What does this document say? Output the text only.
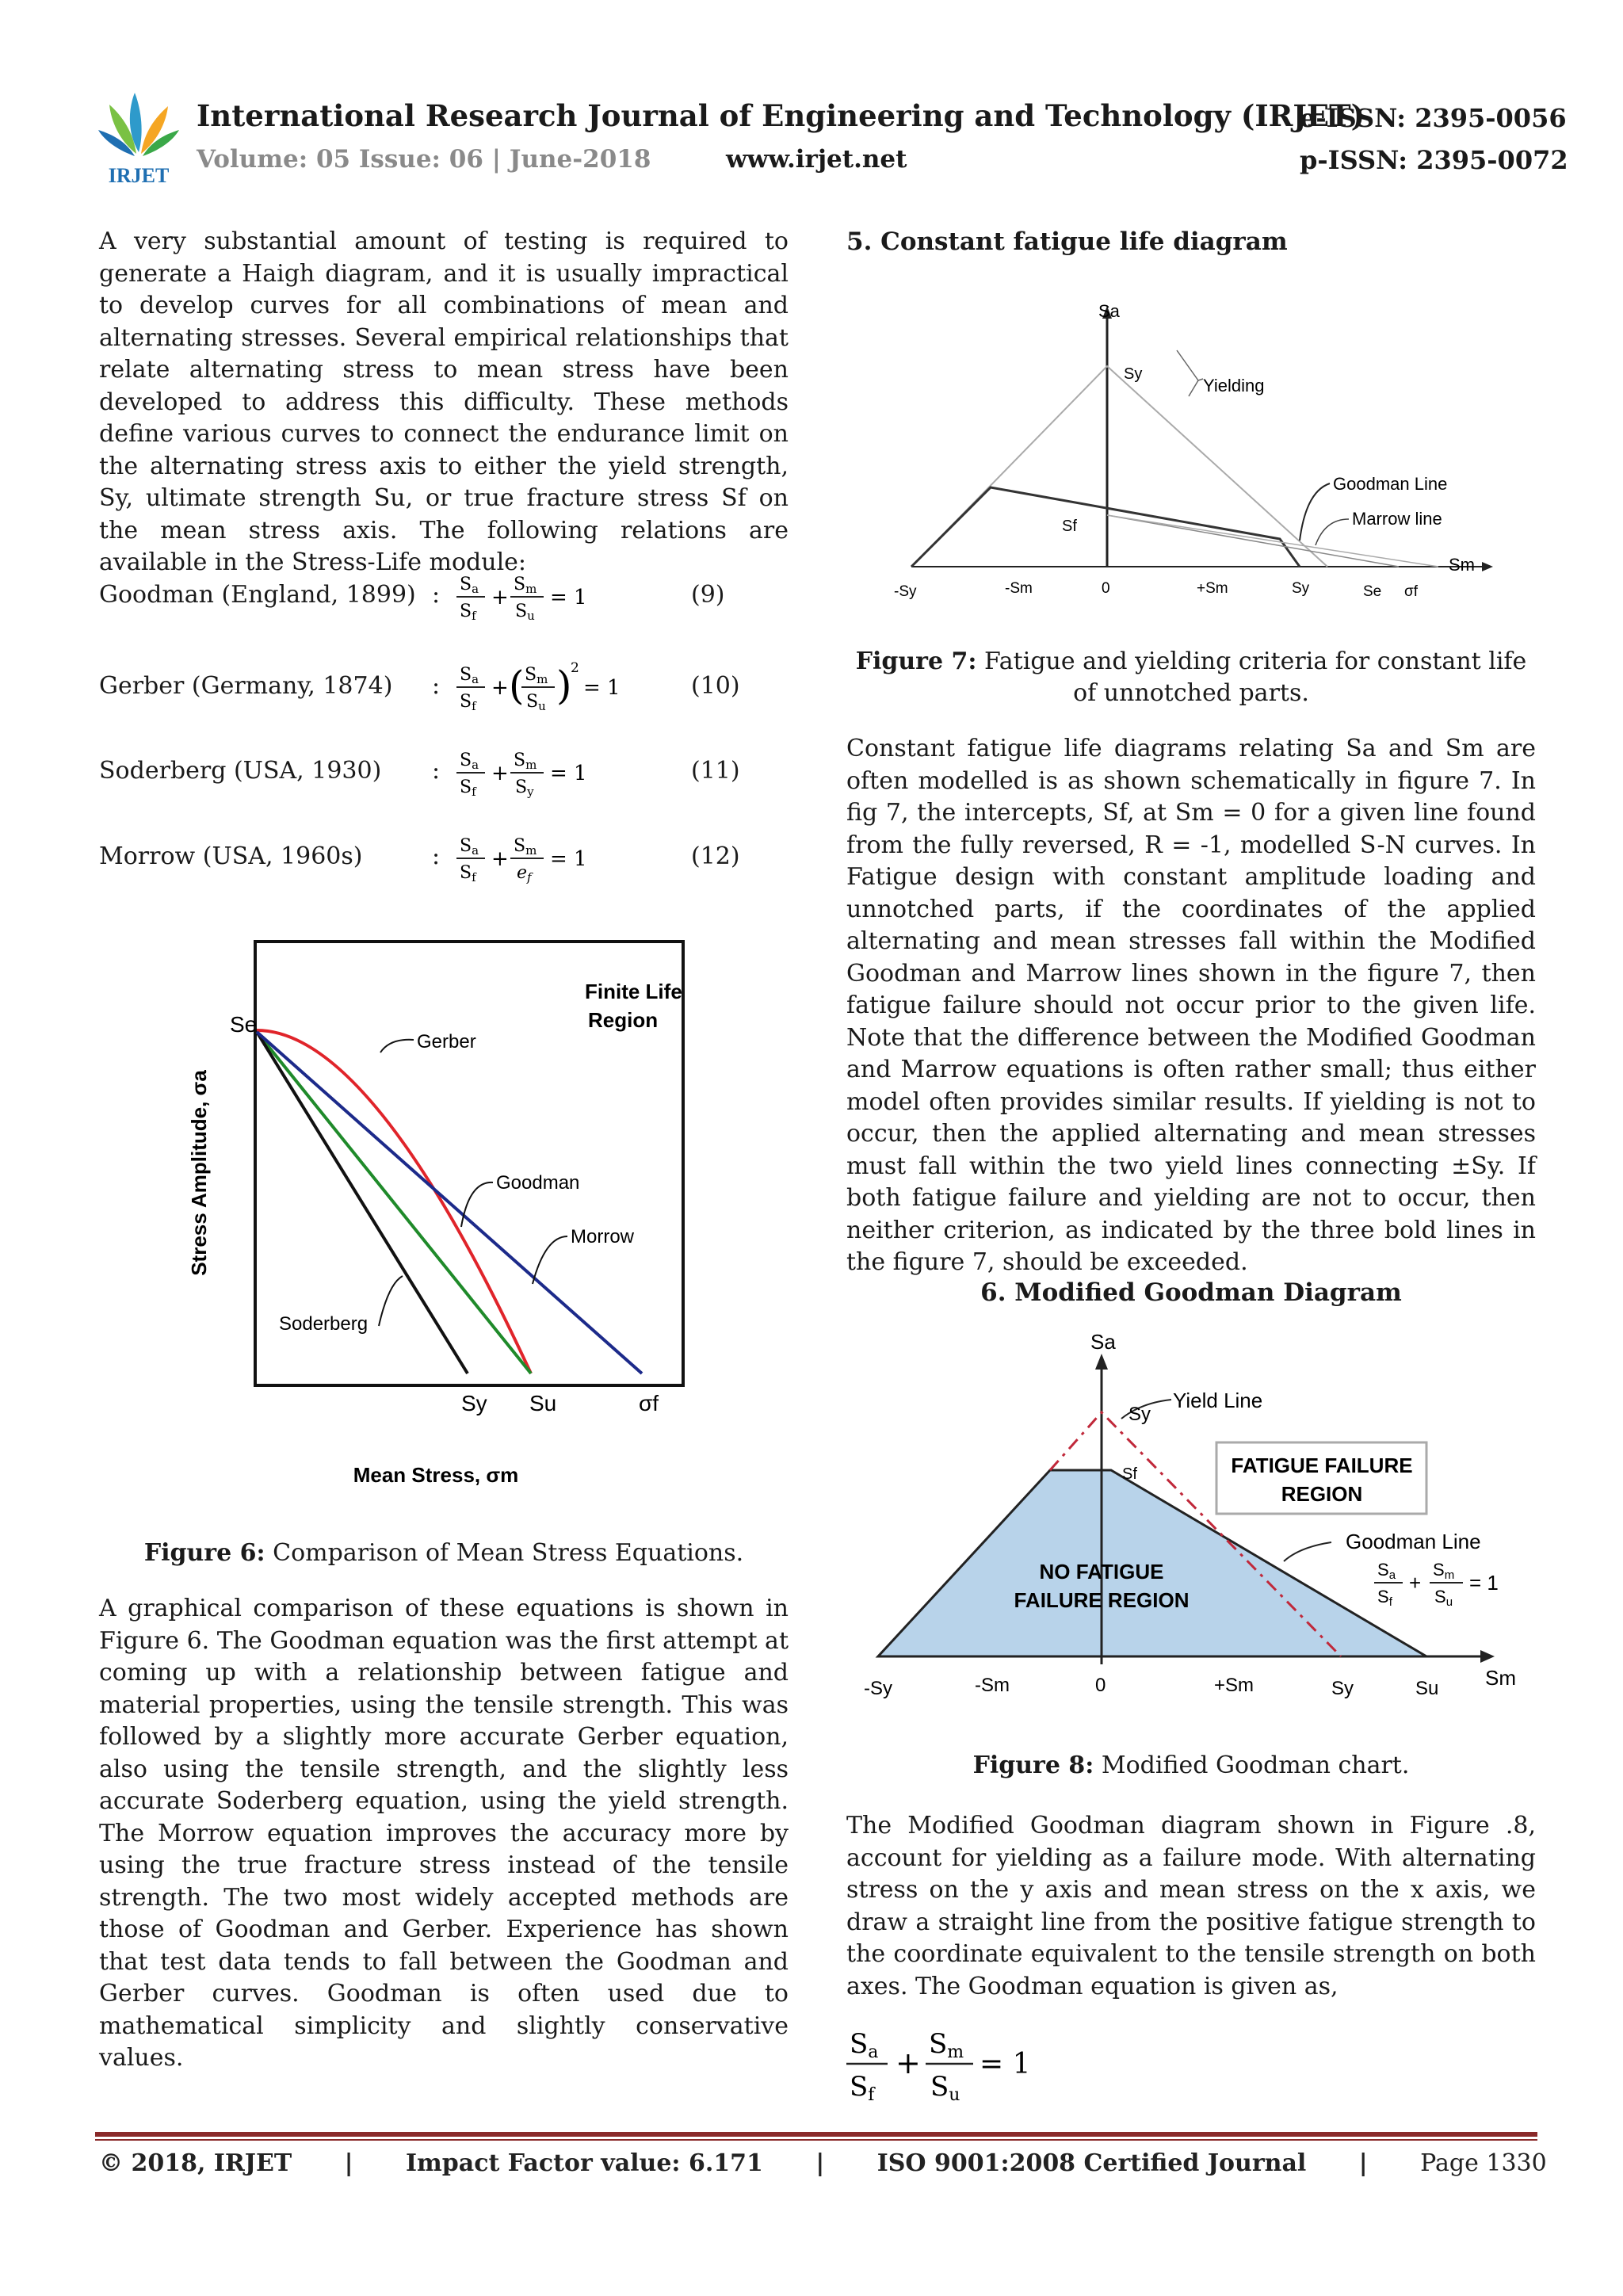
IRJET
International Research Journal of Engineering and Technology (IRJET)
Volume: 05 Issue: 06 | June-2018	www.irjet.net
e-ISSN: 2395-0056
p-ISSN: 2395-0072
A very substantial amount of testing is required to generate a Haigh diagram, and it is usually impractical to develop curves for all combinations of mean and alternating stresses. Several empirical relationships that relate alternating stress to mean stress have been developed to address this difficulty. These methods define various curves to connect the endurance limit on the alternating stress axis to either the yield strength, Sy, ultimate strength Su, or true fracture stress Sf on the mean stress axis. The following relations are available in the Stress-Life module:
Goodman (England, 1899) : Sa
Sf
+
Sm
Su
= 1	(9)
Gerber (Germany, 1874) : Sa
Sf
+ ( Sm
Su )
2
= 1	(10)
Soderberg (USA, 1930) : Sa
Sf
+
Sm
Sy
= 1	(11)
Morrow (USA, 1960s)	: Sa
Sf
+
Sm
ef
= 1	(12)
Gerber
Goodman
Morrow
Soderberg
Finite Life
Region
Se
Sy Su	σf
Mean Stress, σm
Stress Amplitude, σa
Figure 6: Comparison of Mean Stress Equations.
A graphical comparison of these equations is shown in Figure 6. The Goodman equation was the first attempt at coming up with a relationship between fatigue and material properties, using the tensile strength. This was followed by a slightly more accurate Gerber equation, also using the tensile strength, and the slightly less accurate Soderberg equation, using the yield strength. The Morrow equation improves the accuracy more by using the true fracture stress instead of the tensile strength. The two most widely accepted methods are those of Goodman and Gerber. Experience has shown that test data tends to fall between the Goodman and Gerber curves. Goodman is often used due to mathematical simplicity and slightly conservative values.
5. Constant fatigue life diagram
Yielding
Goodman Line
Marrow line
Sa
Sy
Sf
Sm
-Sy	-Sm	0	+Sm	Sy	Se σf
Figure 7: Fatigue and yielding criteria for constant life of unnotched parts.
Constant fatigue life diagrams relating Sa and Sm are often modelled is as shown schematically in figure 7. In fig 7, the intercepts, Sf, at Sm = 0 for a given line found from the fully reversed, R = -1, modelled S-N curves. In Fatigue design with constant amplitude loading and unnotched parts, if the coordinates of the applied alternating and mean stresses fall within the Modified Goodman and Marrow lines shown in the figure 7, then fatigue failure should not occur prior to the given life. Note that the difference between the Modified Goodman and Marrow equations is often rather small; thus either model often provides similar results. If yielding is not to occur, then the applied alternating and mean stresses must fall within the two yield lines connecting ±Sy. If both fatigue failure and yielding are not to occur, then neither criterion, as indicated by the three bold lines in the figure 7, should be exceeded.
6. Modified Goodman Diagram
FATIGUE FAILURE
REGION
NO FATIGUE
FAILURE REGION
Yield Line
Goodman Line
Sa
Sf
+
Sm
Su
= 1
Sa
Sy
Sf
Sm
-Sy	-Sm	0	+Sm	Sy	Su
Figure 8: Modified Goodman chart.
The Modified Goodman diagram shown in Figure .8, account for yielding as a failure mode. With alternating stress on the y axis and mean stress on the x axis, we draw a straight line from the positive fatigue strength to the coordinate equivalent to the tensile strength on both axes. The Goodman equation is given as,
Sa
Sf
+
Sm
Su
= 1
© 2018, IRJET | Impact Factor value: 6.171 | ISO 9001:2008 Certified Journal | Page 1330
